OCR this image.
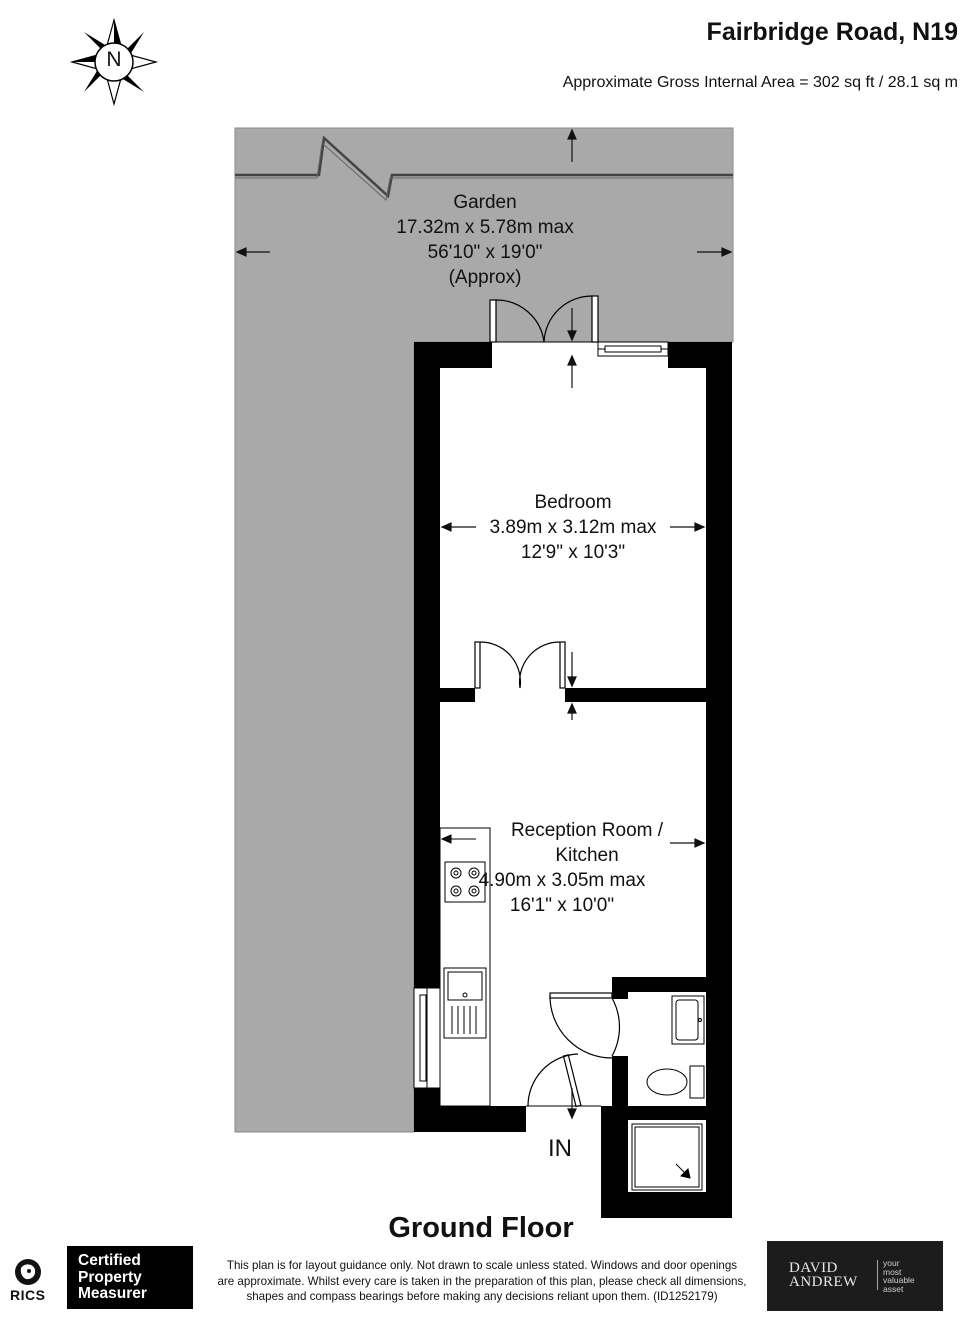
Fairbridge Road, N19
Approximate Gross Internal Area = 302 sq ft / 28.1 sq m
N
Garden
17.32m x 5.78m max
56'10" x 19'0"
(Approx)
Bedroom
3.89m x 3.12m max
12'9" x 10'3"
Reception Room /
Kitchen
4.90m x 3.05m max
16'1" x 10'0"
IN
Ground Floor
RICS
Certified
Property
Measurer
This plan is for layout guidance only. Not drawn to scale unless stated. Windows and door openings
are approximate. Whilst every care is taken in the preparation of this plan, please check all dimensions,
shapes and compass bearings before making any decisions reliant upon them. (ID1252179)
DAVID
ANDREW
your
most
valuable
asset
